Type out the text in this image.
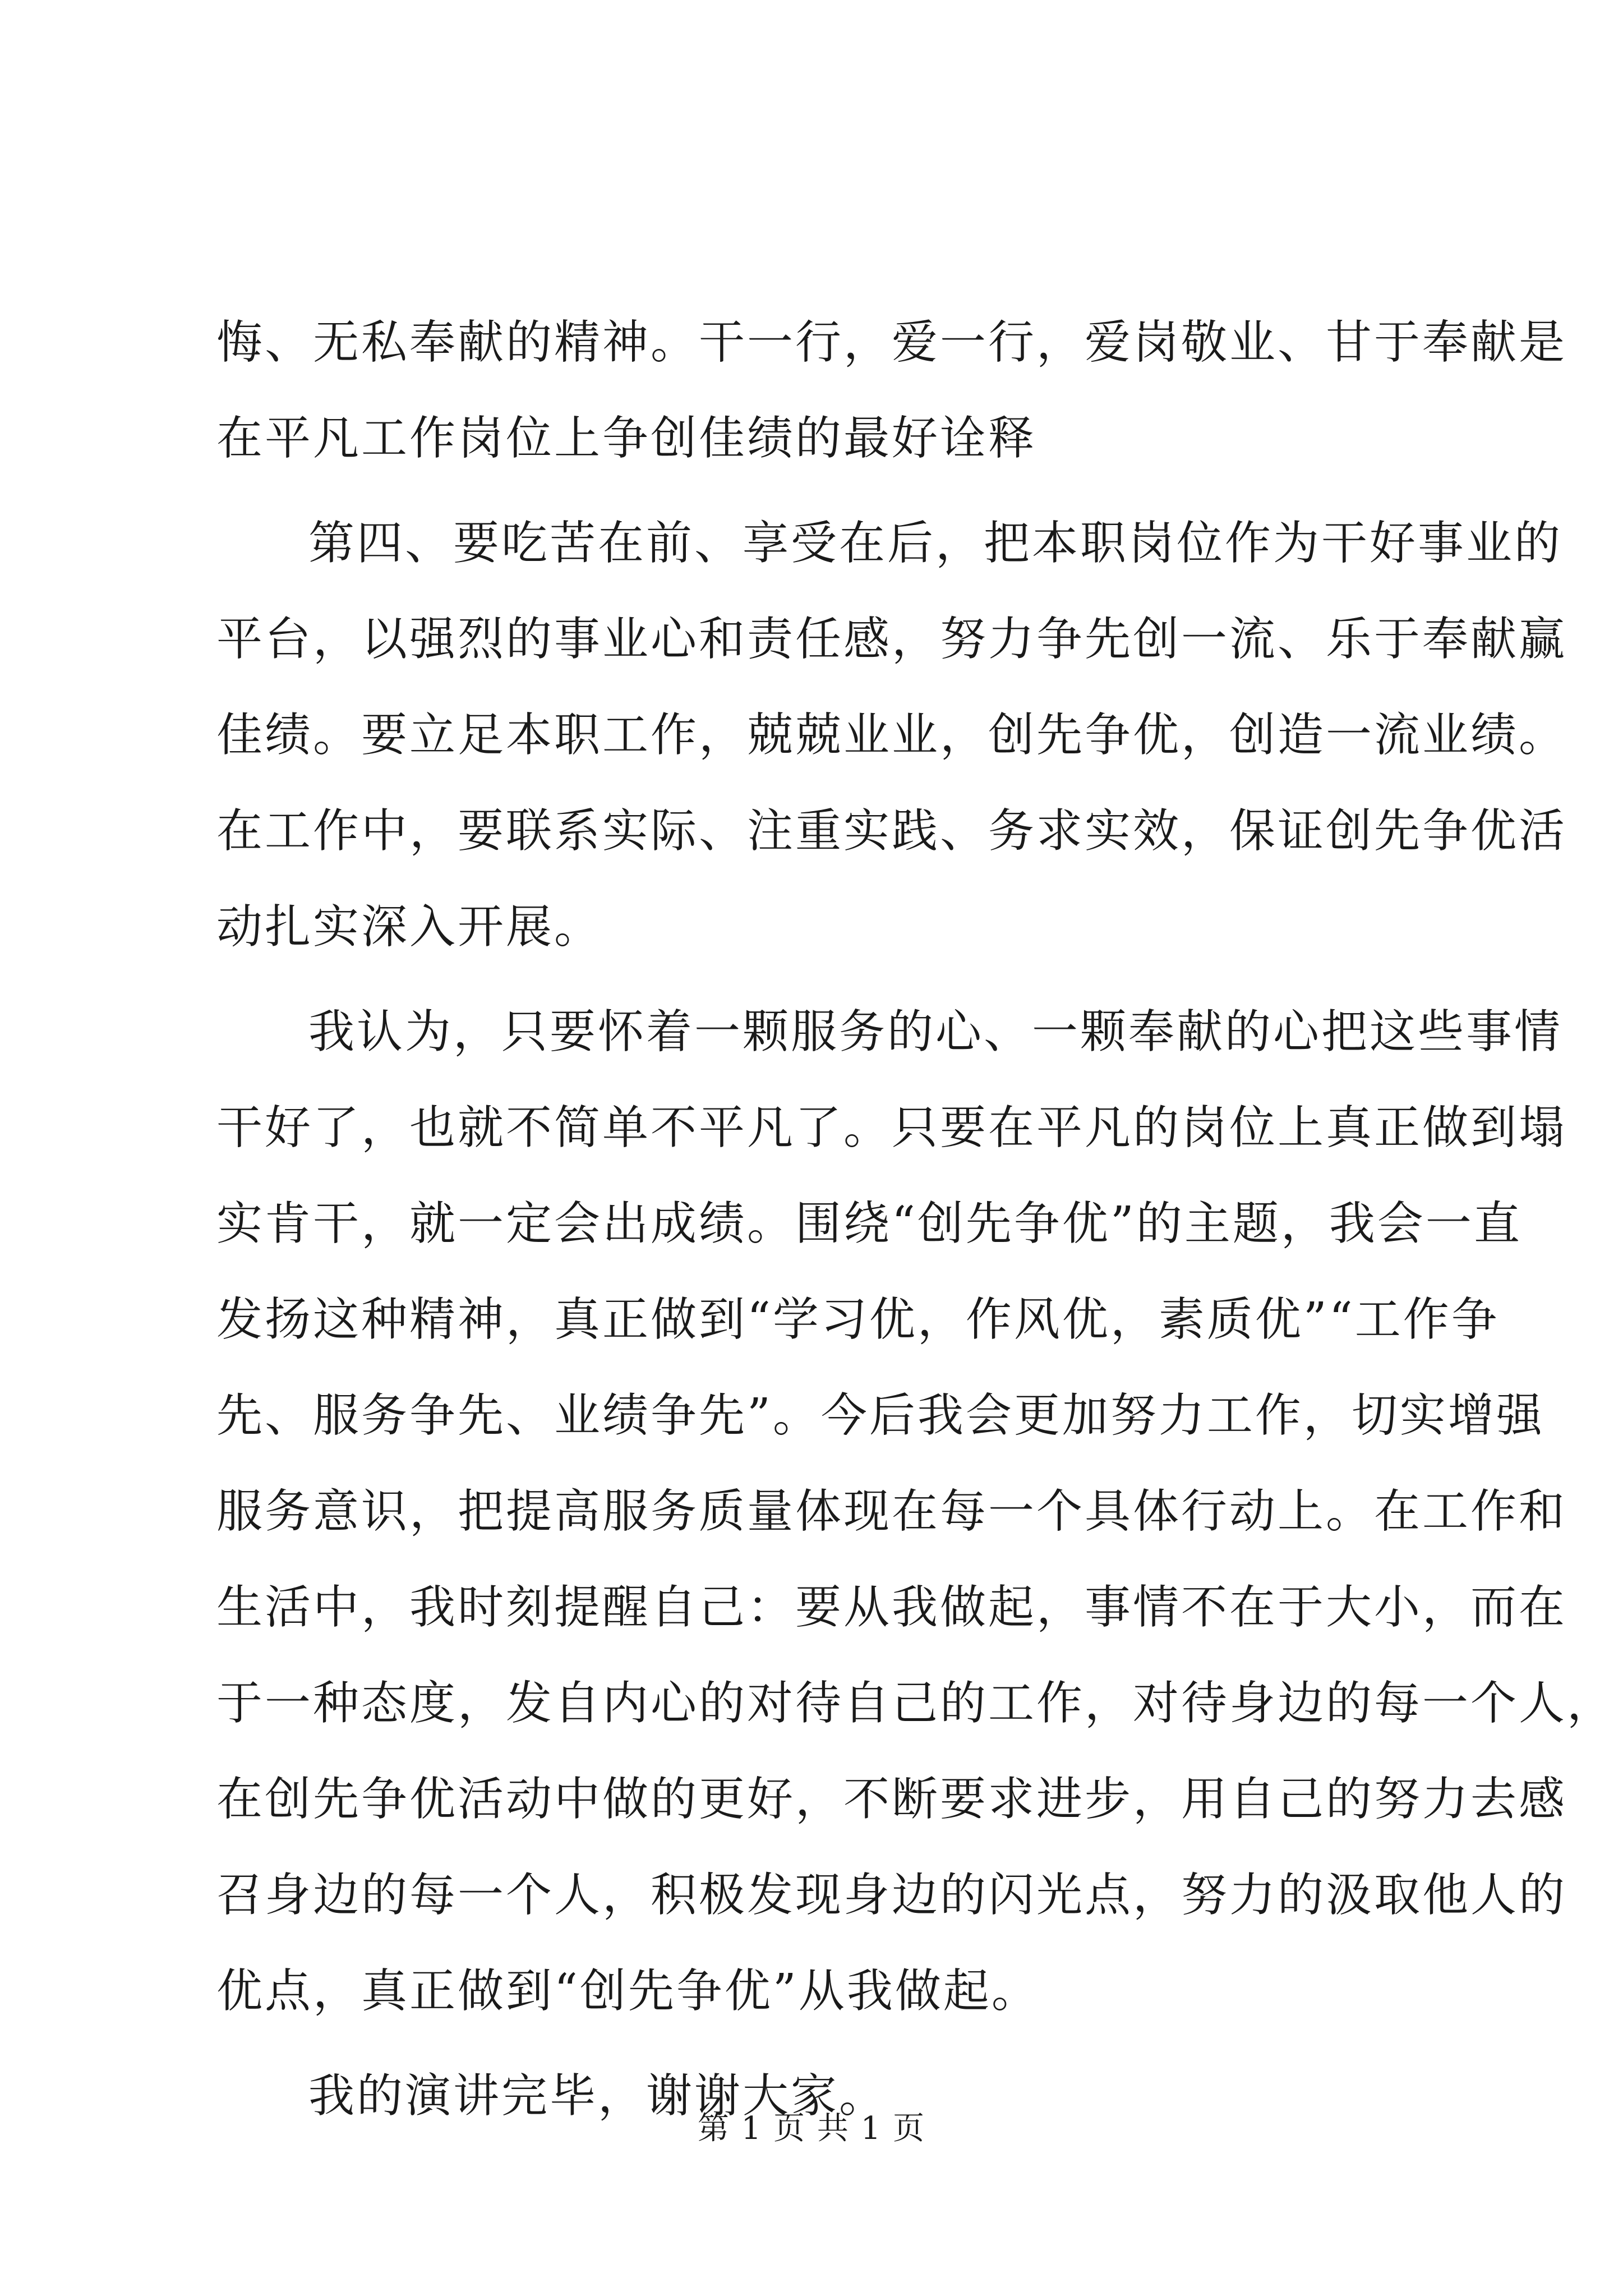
悔、无私奉献的精神。干一行，爱一行，爱岗敬业、甘于奉献是
在平凡工作岗位上争创佳绩的最好诠释
第四、要吃苦在前、享受在后，把本职岗位作为干好事业的
平台，以强烈的事业心和责任感，努力争先创一流、乐于奉献赢
佳绩。要立足本职工作，兢兢业业，创先争优，创造一流业绩。
在工作中，要联系实际、注重实践、务求实效，保证创先争优活
动扎实深入开展。
我认为，只要怀着一颗服务的心、一颗奉献的心把这些事情
干好了，也就不简单不平凡了。只要在平凡的岗位上真正做到塌
实肯干，就一定会出成绩。围绕“创先争优”的主题，我会一直
发扬这种精神，真正做到“学习优，作风优，素质优”“工作争
先、服务争先、业绩争先”。今后我会更加努力工作，切实增强
服务意识，把提高服务质量体现在每一个具体行动上。在工作和
生活中，我时刻提醒自己：要从我做起，事情不在于大小，而在
于一种态度，发自内心的对待自己的工作，对待身边的每一个人，
在创先争优活动中做的更好，不断要求进步，用自己的努力去感
召身边的每一个人，积极发现身边的闪光点，努力的汲取他人的
优点，真正做到“创先争优”从我做起。
我的演讲完毕，谢谢大家。
第 1 页 共 1 页
